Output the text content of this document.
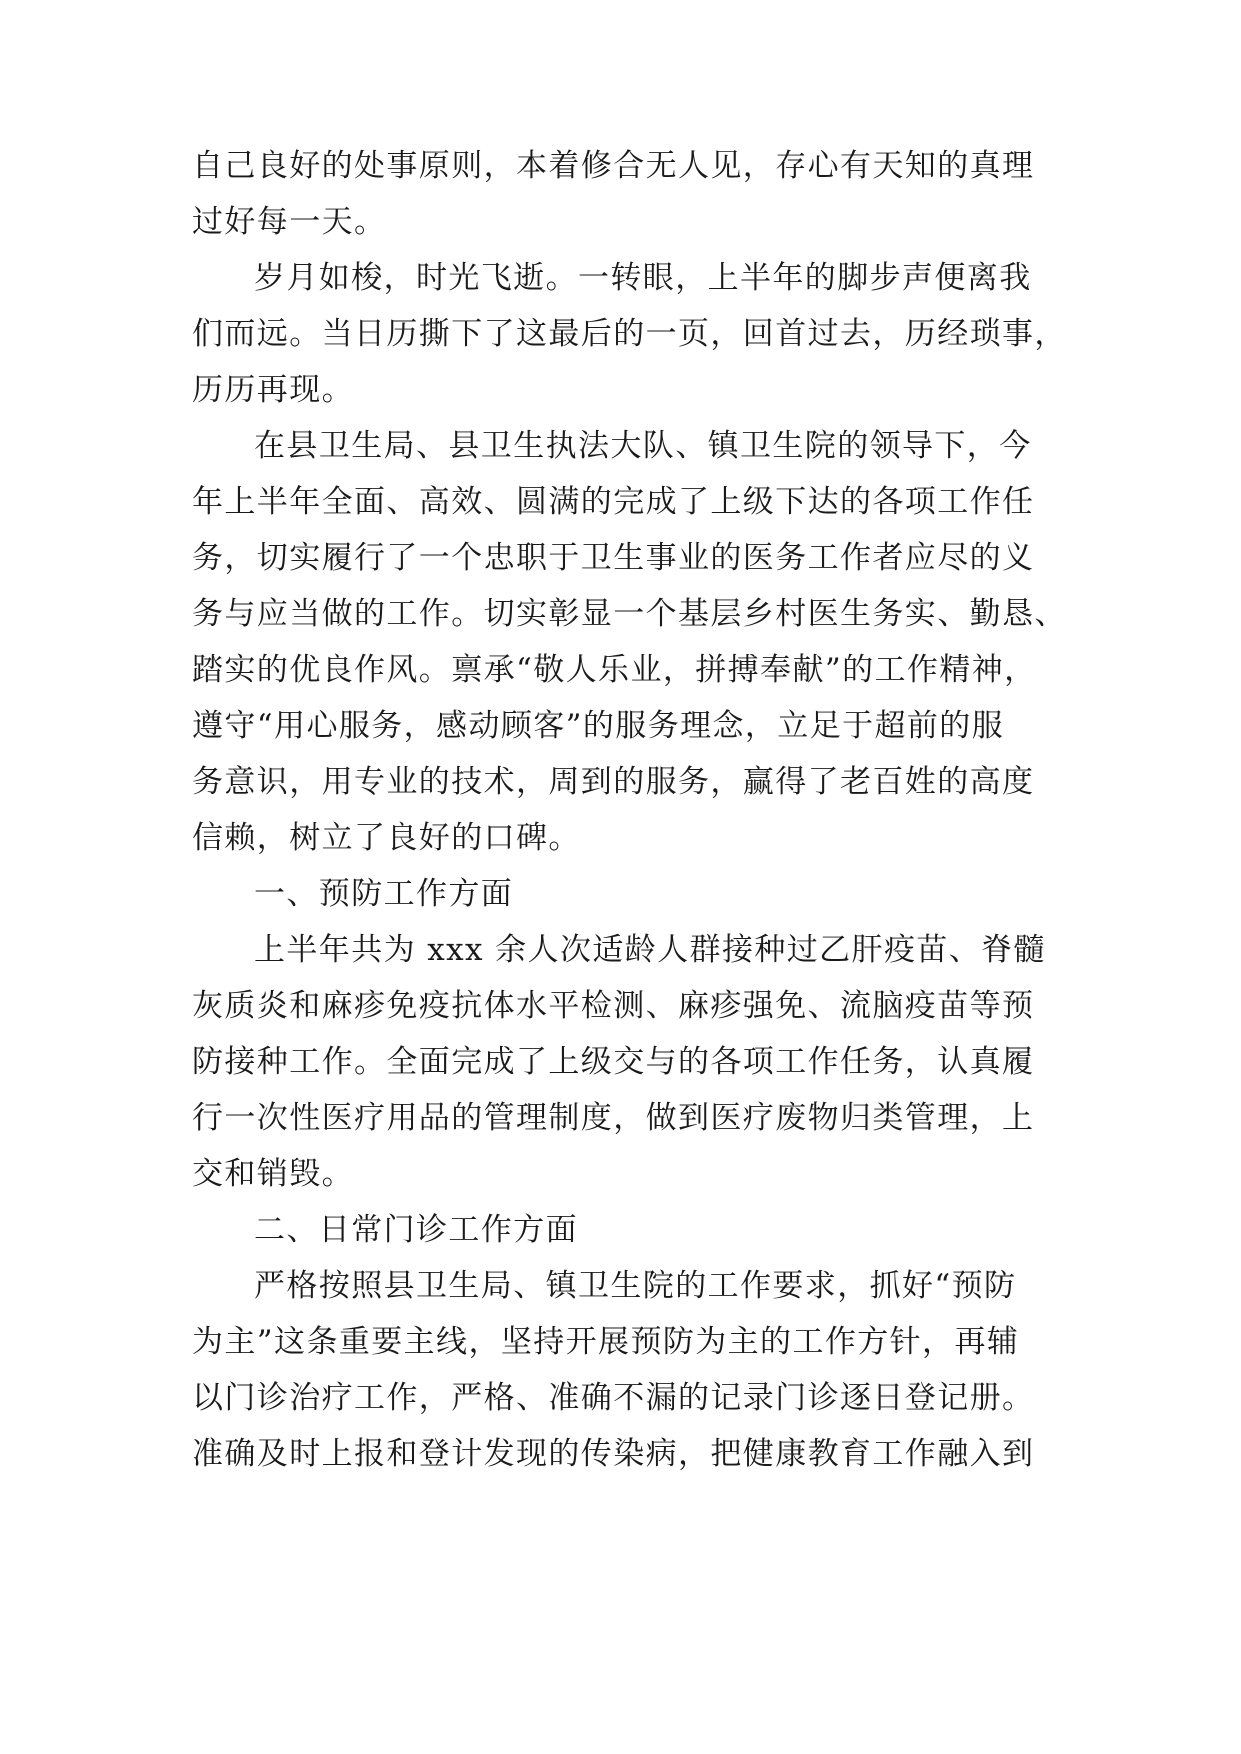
自己良好的处事原则，本着修合无人见，存心有天知的真理
过好每一天。
岁月如梭，时光飞逝。一转眼，上半年的脚步声便离我
们而远。当日历撕下了这最后的一页，回首过去，历经琐事，
历历再现。
在县卫生局、县卫生执法大队、镇卫生院的领导下，今
年上半年全面、高效、圆满的完成了上级下达的各项工作任
务，切实履行了一个忠职于卫生事业的医务工作者应尽的义
务与应当做的工作。切实彰显一个基层乡村医生务实、勤恳、
踏实的优良作风。禀承“敬人乐业，拼搏奉献”的工作精神，
遵守“用心服务，感动顾客”的服务理念，立足于超前的服
务意识，用专业的技术，周到的服务，赢得了老百姓的高度
信赖，树立了良好的口碑。
一、预防工作方面
上半年共为 xxx 余人次适龄人群接种过乙肝疫苗、脊髓
灰质炎和麻疹免疫抗体水平检测、麻疹强免、流脑疫苗等预
防接种工作。全面完成了上级交与的各项工作任务，认真履
行一次性医疗用品的管理制度，做到医疗废物归类管理，上
交和销毁。
二、日常门诊工作方面
严格按照县卫生局、镇卫生院的工作要求，抓好“预防
为主”这条重要主线，坚持开展预防为主的工作方针，再辅
以门诊治疗工作，严格、准确不漏的记录门诊逐日登记册。
准确及时上报和登计发现的传染病，把健康教育工作融入到
